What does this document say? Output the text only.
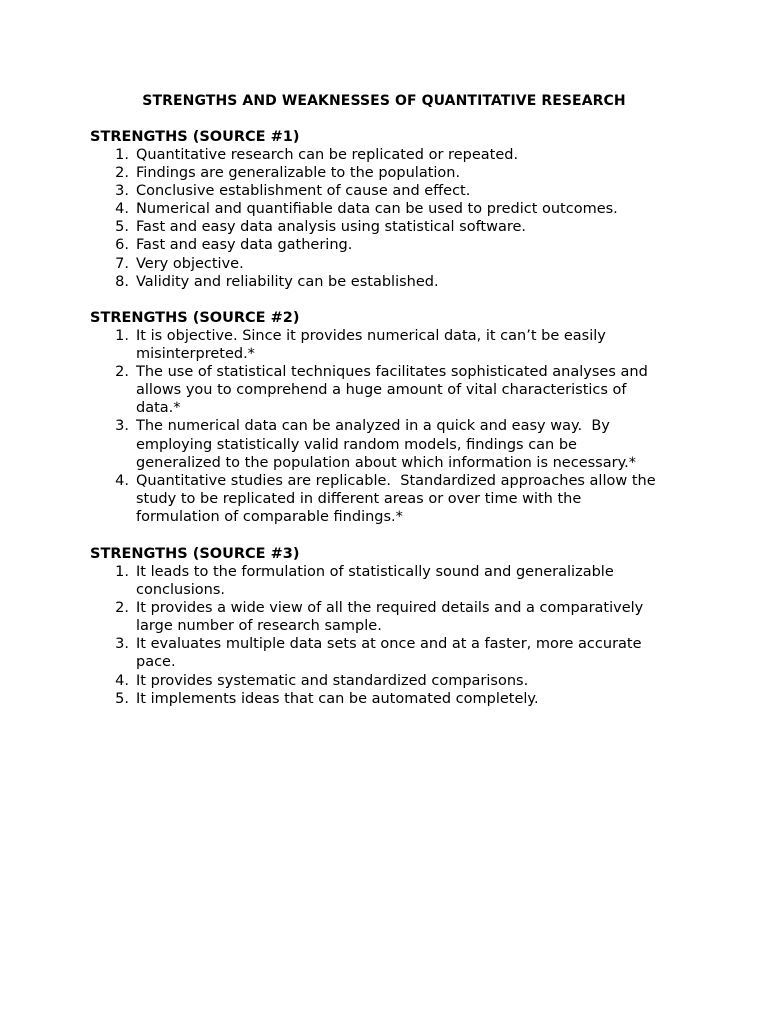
STRENGTHS AND WEAKNESSES OF QUANTITATIVE RESEARCH
STRENGTHS (SOURCE #1)
1. Quantitative research can be replicated or repeated.
2. Findings are generalizable to the population.
3. Conclusive establishment of cause and effect.
4. Numerical and quantifiable data can be used to predict outcomes.
5. Fast and easy data analysis using statistical software.
6. Fast and easy data gathering.
7. Very objective.
8. Validity and reliability can be established.
STRENGTHS (SOURCE #2)
1. It is objective. Since it provides numerical data, it can’t be easily
misinterpreted.*
2. The use of statistical techniques facilitates sophisticated analyses and
allows you to comprehend a huge amount of vital characteristics of
data.*
3. The numerical data can be analyzed in a quick and easy way.  By
employing statistically valid random models, findings can be
generalized to the population about which information is necessary.*
4. Quantitative studies are replicable.  Standardized approaches allow the
study to be replicated in different areas or over time with the
formulation of comparable findings.*
STRENGTHS (SOURCE #3)
1. It leads to the formulation of statistically sound and generalizable
conclusions.
2. It provides a wide view of all the required details and a comparatively
large number of research sample.
3. It evaluates multiple data sets at once and at a faster, more accurate
pace.
4. It provides systematic and standardized comparisons.
5. It implements ideas that can be automated completely.
